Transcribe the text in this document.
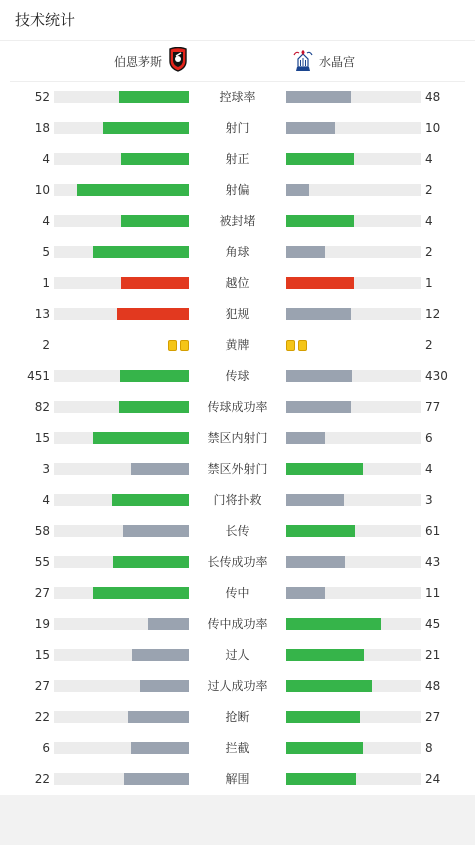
技术统计
伯恩茅斯	水晶宫
52	控球率	48
18	射门	10
4	射正	4
10	射偏	2
4	被封堵	4
5	角球	2
1	越位	1
13	犯规	12
2	黄牌	2
451	传球	430
82	传球成功率	77
15	禁区内射门	6
3	禁区外射门	4
4	门将扑救	3
58	长传	61
55	长传成功率	43
27	传中	11
19	传中成功率	45
15	过人	21
27	过人成功率	48
22	抢断	27
6	拦截	8
22	解围	24
